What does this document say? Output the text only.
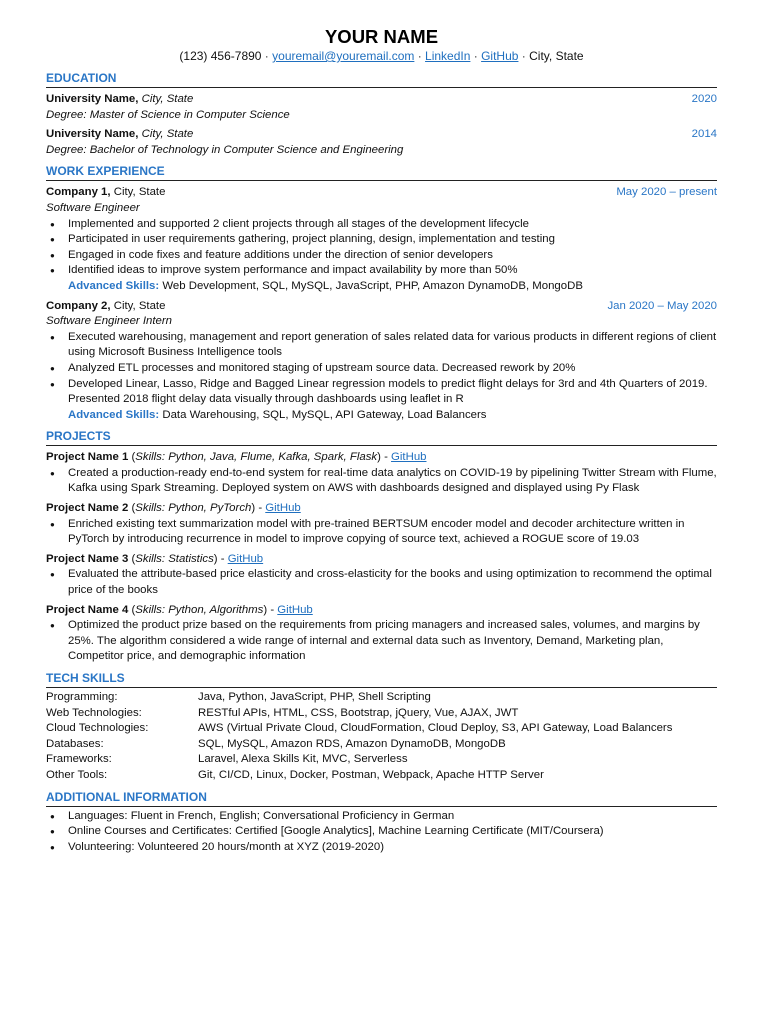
YOUR NAME
(123) 456-7890 · youremail@youremail.com · LinkedIn · GitHub · City, State
EDUCATION
University Name, City, State	2020
Degree: Master of Science in Computer Science
University Name, City, State	2014
Degree: Bachelor of Technology in Computer Science and Engineering
WORK EXPERIENCE
Company 1, City, State	May 2020 – present
Software Engineer
● Implemented and supported 2 client projects through all stages of the development lifecycle
● Participated in user requirements gathering, project planning, design, implementation and testing
● Engaged in code fixes and feature additions under the direction of senior developers
● Identified ideas to improve system performance and impact availability by more than 50%
Advanced Skills: Web Development, SQL, MySQL, JavaScript, PHP, Amazon DynamoDB, MongoDB
Company 2, City, State	Jan 2020 – May 2020
Software Engineer Intern
● Executed warehousing, management and report generation of sales related data for various products in different regions of client using Microsoft Business Intelligence tools
● Analyzed ETL processes and monitored staging of upstream source data. Decreased rework by 20%
● Developed Linear, Lasso, Ridge and Bagged Linear regression models to predict flight delays for 3rd and 4th Quarters of 2019. Presented 2018 flight delay data visually through dashboards using leaflet in R
Advanced Skills: Data Warehousing, SQL, MySQL, API Gateway, Load Balancers
PROJECTS
Project Name 1 (Skills: Python, Java, Flume, Kafka, Spark, Flask) - GitHub
● Created a production-ready end-to-end system for real-time data analytics on COVID-19 by pipelining Twitter Stream with Flume, Kafka using Spark Streaming. Deployed system on AWS with dashboards designed and displayed using Py Flask
Project Name 2 (Skills: Python, PyTorch) - GitHub
● Enriched existing text summarization model with pre-trained BERTSUM encoder model and decoder architecture written in PyTorch by introducing recurrence in model to improve copying of source text, achieved a ROGUE score of 19.03
Project Name 3 (Skills: Statistics) - GitHub
● Evaluated the attribute-based price elasticity and cross-elasticity for the books and using optimization to recommend the optimal price of the books
Project Name 4 (Skills: Python, Algorithms) - GitHub
● Optimized the product prize based on the requirements from pricing managers and increased sales, volumes, and margins by 25%. The algorithm considered a wide range of internal and external data such as Inventory, Demand, Marketing plan, Competitor price, and demographic information
TECH SKILLS
Programming:	Java, Python, JavaScript, PHP, Shell Scripting
Web Technologies:	RESTful APIs, HTML, CSS, Bootstrap, jQuery, Vue, AJAX, JWT
Cloud Technologies:	AWS (Virtual Private Cloud, CloudFormation, Cloud Deploy, S3, API Gateway, Load Balancers
Databases:	SQL, MySQL, Amazon RDS, Amazon DynamoDB, MongoDB
Frameworks:	Laravel, Alexa Skills Kit, MVC, Serverless
Other Tools:	Git, CI/CD, Linux, Docker, Postman, Webpack, Apache HTTP Server
ADDITIONAL INFORMATION
● Languages: Fluent in French, English; Conversational Proficiency in German
● Online Courses and Certificates: Certified [Google Analytics], Machine Learning Certificate (MIT/Coursera)
● Volunteering: Volunteered 20 hours/month at XYZ (2019-2020)
